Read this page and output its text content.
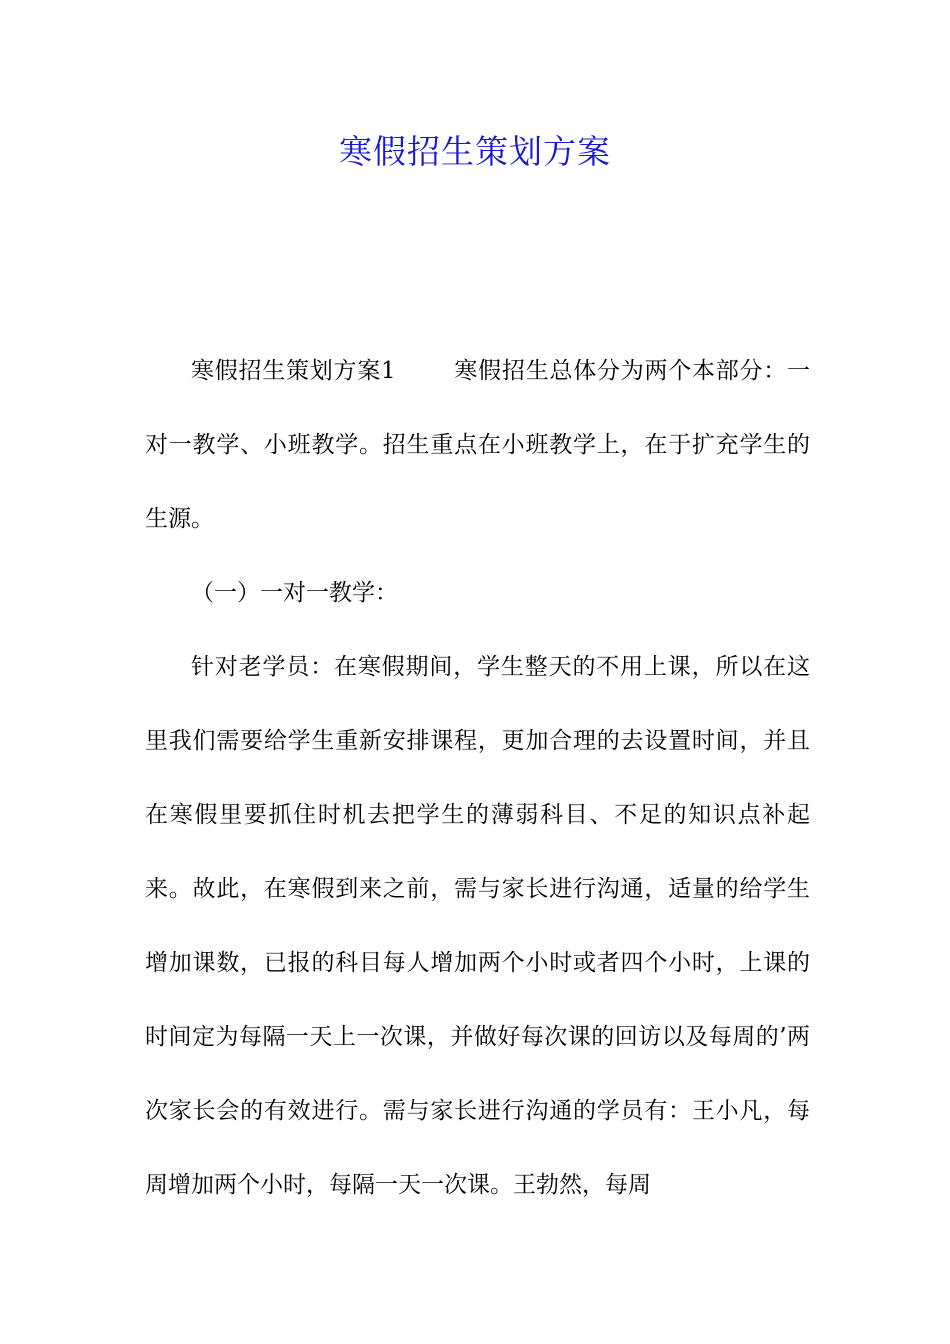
寒假招生策划方案

寒假招生策划方案1	寒假招生总体分为两个本部分：一对一教学、小班教学。招生重点在小班教学上，在于扩充学生的生源。

（一）一对一教学：

针对老学员：在寒假期间，学生整天的不用上课，所以在这里我们需要给学生重新安排课程，更加合理的去设置时间，并且在寒假里要抓住时机去把学生的薄弱科目、不足的知识点补起来。故此，在寒假到来之前，需与家长进行沟通，适量的给学生增加课数，已报的科目每人增加两个小时或者四个小时，上课的时间定为每隔一天上一次课，并做好每次课的回访以及每周的’两次家长会的有效进行。需与家长进行沟通的学员有：王小凡，每周增加两个小时，每隔一天一次课。王勃然，每周
